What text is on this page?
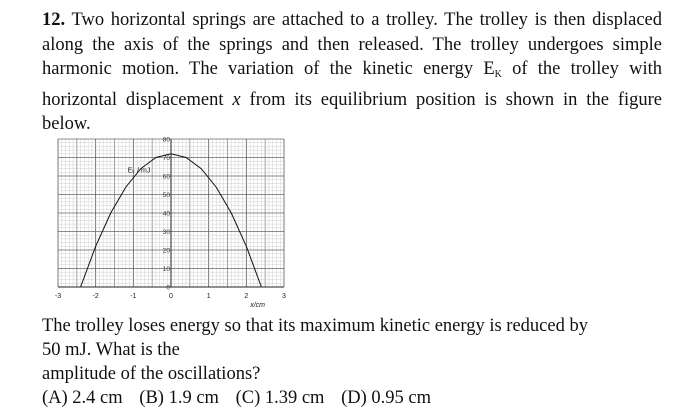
12. Two horizontal springs are attached to a trolley. The trolley is then displaced along the axis of the springs and then released. The trolley undergoes simple harmonic motion. The variation of the kinetic energy $E_K$ of the trolley with horizontal displacement x from its equilibrium position is shown in the figure below.
-3	-2	-1	0	1	2	3
0
10
20
30
40
50
60
70
80
Eₖ / mJ
x/cm
The trolley loses energy so that its maximum kinetic energy is reduced by
50 mJ. What is the
amplitude of the oscillations?
(A) 2.4 cm (B) 1.9 cm (C) 1.39 cm (D) 0.95 cm
